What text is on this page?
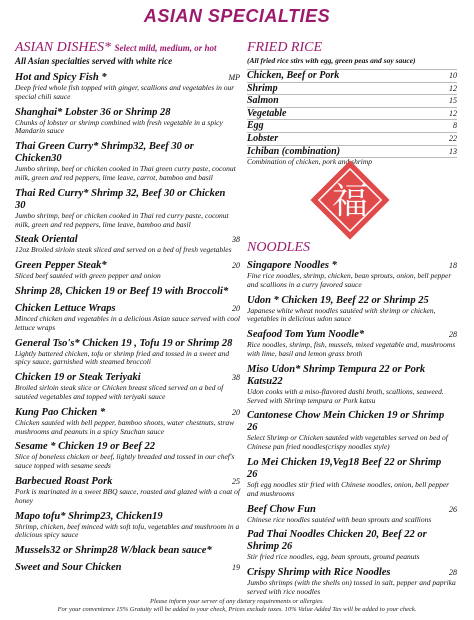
ASIAN SPECIALTIES
ASIAN DISHES* Select mild, medium, or hot
All Asian specialties served with white rice
Hot and Spicy Fish *	MP
Deep fried whole fish topped with ginger, scallions and vegetables in our special chili sauce
Shanghai* Lobster 36 or Shrimp 28
Chunks of lobster or shrimp combined with fresh vegetable in a spicy Mandarin sauce
Thai Green Curry* Shrimp32, Beef 30 or Chicken30
Jumbo shrimp, beef or chicken cooked in Thai green curry paste, coconut milk, green and red peppers, lime leave, carrot, bamboo and basil
Thai Red Curry* Shrimp 32, Beef 30 or Chicken 30
Jumbo shrimp, beef or chicken cooked in Thai red curry paste, coconut milk, green and red peppers, lime leave, bamboo and basil
Steak Oriental	38
12oz Broiled sirloin steak sliced and served on a bed of fresh vegetables
Green Pepper Steak*	20
Sliced beef sautéed with green pepper and onion
Shrimp 28, Chicken 19 or Beef 19 with Broccoli*
Chicken Lettuce Wraps	20
Minced chicken and vegetables in a delicious Asian sauce served with cool lettuce wraps
General Tso's* Chicken 19 , Tofu 19 or Shrimp 28
Lightly battered chicken, tofu or shrimp fried and tossed in a sweet and spicy sauce, garnished with steamed broccoli
Chicken 19 or Steak Teriyaki	38
Broiled sirloin steak slice or Chicken breast sliced served on a bed of sautéed vegetables and topped with teriyaki sauce
Kung Pao Chicken *	20
Chicken sautéed with bell pepper, bamboo shoots, water chestnuts, straw mushrooms and peanuts in a spicy Szuchan sauce
Sesame * Chicken 19 or Beef 22
Slice of boneless chicken or beef, lightly breaded and tossed in our chef's sauce topped with sesame seeds
Barbecued Roast Pork	25
Pork is marinated in a sweet BBQ sauce, roasted and glazed with a coat of honey
Mapo tofu* Shrimp23, Chicken19
Shrimp, chicken, beef minced with soft tofu, vegetables and mushroom in a delicious spicy sauce
Mussels32 or Shrimp28 W/black bean sauce*
Sweet and Sour Chicken	19
FRIED RICE
(All fried rice stirs with egg, green peas and soy sauce)
Chicken, Beef or Pork	10
Shrimp	12
Salmon	15
Vegetable	12
Egg	8
Lobster	22
Ichiban (combination)	13
Combination of chicken, pork and shrimp
福
NOODLES
Singapore Noodles *	18
Fine rice noodles, shrimp, chicken, bean sprouts, onion, bell pepper and scallions in a curry favored sauce
Udon * Chicken 19, Beef 22 or Shrimp 25
Japanese white wheat noodles sautéed with shrimp or chicken, vegetables in delicious udon sauce
Seafood Tom Yum Noodle*	28
Rice noodles, shrimp, fish, mussels, mixed vegetable and, mushrooms with lime, basil and lemon grass broth
Miso Udon* Shrimp Tempura 22 or Pork Katsu22
Udon cooks with a miso-flavored dashi broth, scallions, seaweed. Served with Shrimp tempura or Pork katsu
Cantonese Chow Mein Chicken 19 or Shrimp 26
Select Shrimp or Chicken sautéed with vegetables served on bed of Chinese pan fried noodles(crispy noodles style)
Lo Mei Chicken 19,Veg18 Beef 22 or Shrimp 26
Soft egg noodles stir fried with Chinese noodles, onion, bell pepper and mushrooms
Beef Chow Fun	26
Chinese rice noodles sautéed with bean sprouts and scallions
Pad Thai Noodles Chicken 20, Beef 22 or Shrimp 26
Stir fried rice noodles, egg, bean sprouts, ground peanuts
Crispy Shrimp with Rice Noodles	28
Jumbo shrimps (with the shells on) tossed in salt, pepper and paprika served with rice noodles
Please inform your server of any dietary requirements or allergies.
For your convenience 15% Gratuity will be added to your check, Prices exclude taxes. 10% Value Added Tax will be added to your check.
